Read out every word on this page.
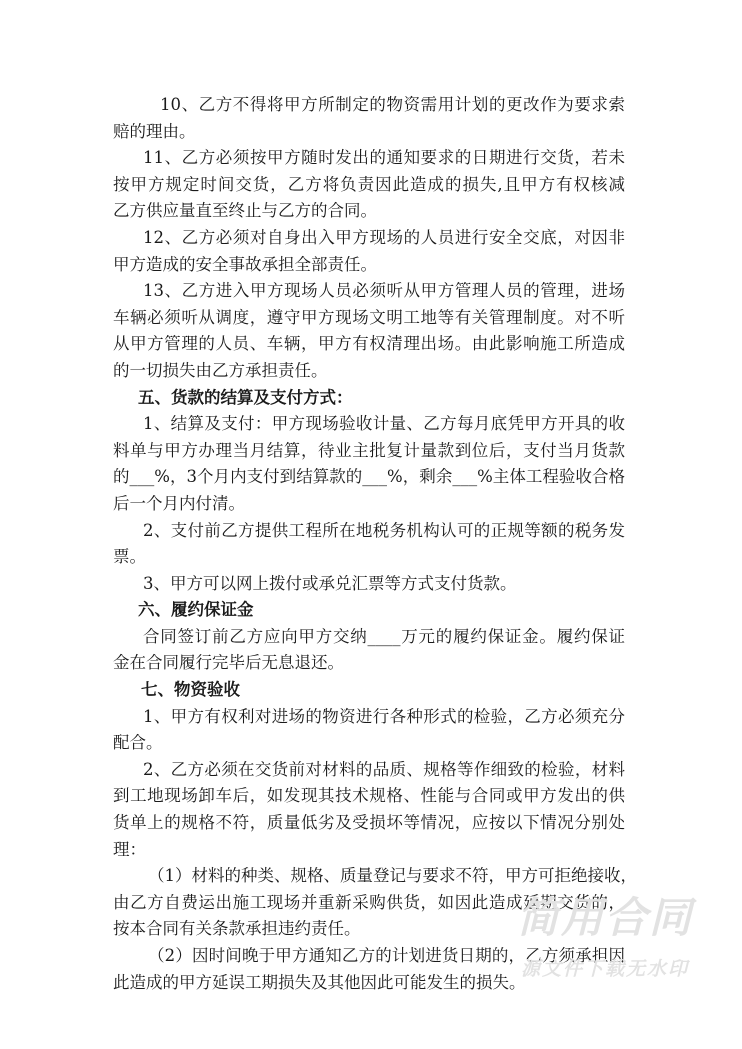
10、乙方不得将甲方所制定的物资需用计划的更改作为要求索
赔的理由。
11、乙方必须按甲方随时发出的通知要求的日期进行交货，若未
按甲方规定时间交货，乙方将负责因此造成的损失,且甲方有权核减
乙方供应量直至终止与乙方的合同。
12、乙方必须对自身出入甲方现场的人员进行安全交底，对因非
甲方造成的安全事故承担全部责任。
13、乙方进入甲方现场人员必须听从甲方管理人员的管理，进场
车辆必须听从调度，遵守甲方现场文明工地等有关管理制度。对不听
从甲方管理的人员、车辆，甲方有权清理出场。由此影响施工所造成
的一切损失由乙方承担责任。
五、货款的结算及支付方式：
1、结算及支付：甲方现场验收计量、乙方每月底凭甲方开具的收
料单与甲方办理当月结算，待业主批复计量款到位后，支付当月货款
的___%，3个月内支付到结算款的___%，剩余___%主体工程验收合格
后一个月内付清。
2、支付前乙方提供工程所在地税务机构认可的正规等额的税务发
票。
3、甲方可以网上拨付或承兑汇票等方式支付货款。
六、履约保证金
合同签订前乙方应向甲方交纳____万元的履约保证金。履约保证
金在合同履行完毕后无息退还。
七、物资验收
1、甲方有权利对进场的物资进行各种形式的检验，乙方必须充分
配合。
2、乙方必须在交货前对材料的品质、规格等作细致的检验，材料
到工地现场卸车后，如发现其技术规格、性能与合同或甲方发出的供
货单上的规格不符，质量低劣及受损坏等情况，应按以下情况分别处
理：
（1）材料的种类、规格、质量登记与要求不符，甲方可拒绝接收，
由乙方自费运出施工现场并重新采购供货，如因此造成延期交货的，
按本合同有关条款承担违约责任。
（2）因时间晚于甲方通知乙方的计划进货日期的，乙方须承担因
此造成的甲方延误工期损失及其他因此可能发生的损失。
简用合同
源文件下载无水印
